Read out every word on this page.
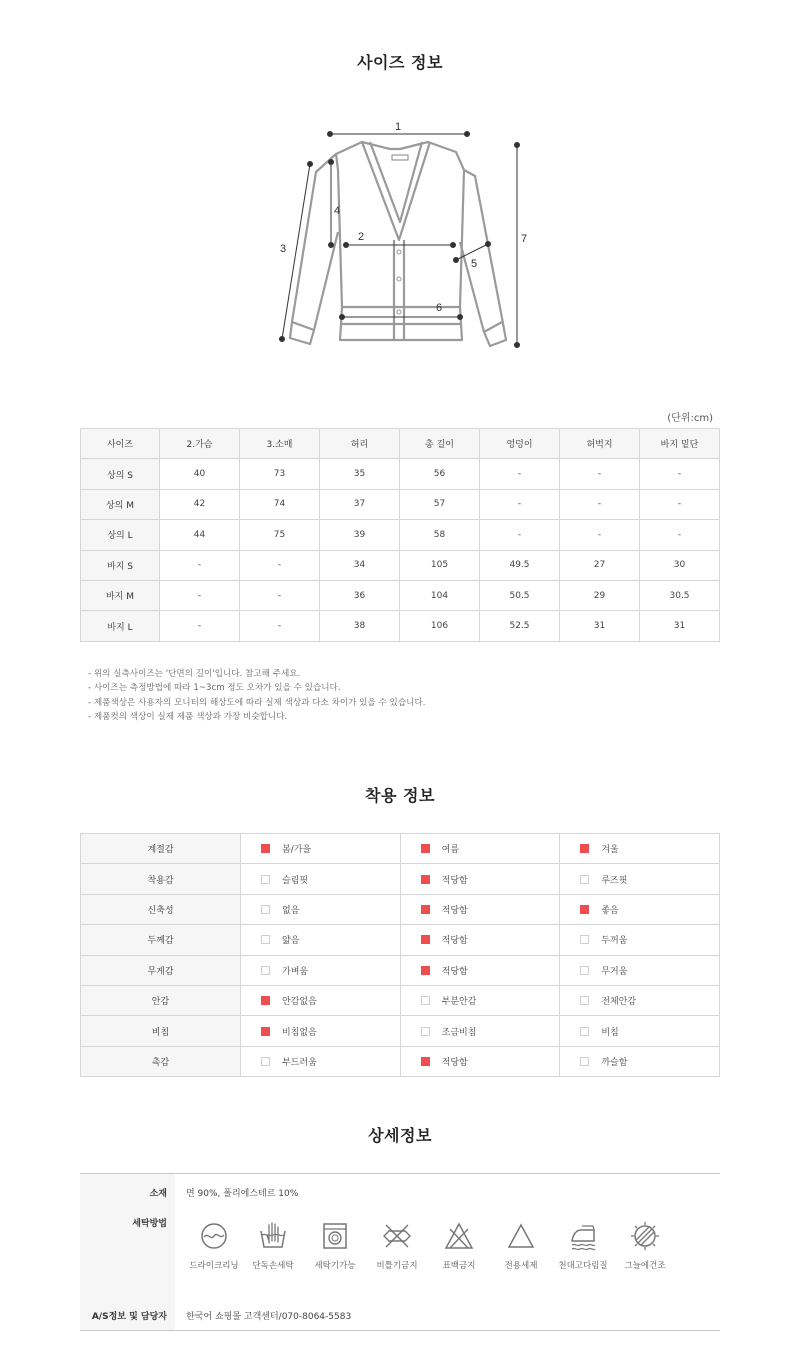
사이즈 정보
1
2
3
4
5
6
7
(단위:cm)
사이즈	2.가슴	3.소매	허리	총 길이	엉덩이	허벅지	바지 밑단
상의 S	40	73	35	56	-	-	-
상의 M	42	74	37	57	-	-	-
상의 L	44	75	39	58	-	-	-
바지 S	-	-	34	105	49.5	27	30
바지 M	-	-	36	104	50.5	29	30.5
바지 L	-	-	38	106	52.5	31	31
- 위의 실측사이즈는 '단면의 길이'입니다. 참고해 주세요.
- 사이즈는 측정방법에 따라 1~3cm 정도 오차가 있을 수 있습니다.
- 제품색상은 사용자의 모니터의 해상도에 따라 실제 색상과 다소 차이가 있을 수 있습니다.
- 제품컷의 색상이 실제 제품 색상과 가장 비슷합니다.
착용 정보
계절감	봄/가을	여름	겨울
착용감	슬림핏	적당함	루즈핏
신축성	없음	적당함	좋음
두께감	얇음	적당함	두꺼움
무게감	가벼움	적당함	무거움
안감	안감없음	부분안감	전체안감
비침	비침없음	조금비침	비침
촉감	부드러움	적당함	까슬함
상세정보
소재 면 90%, 폴리에스테르 10%
세탁방법
드라이크리닝	단독손세탁	세탁기가능	비틀기금지	표백금지	전용세제	천대고다림질	그늘에건조
A/S정보 및 담당자 한국어 쇼핑몰 고객센터/070-8064-5583
